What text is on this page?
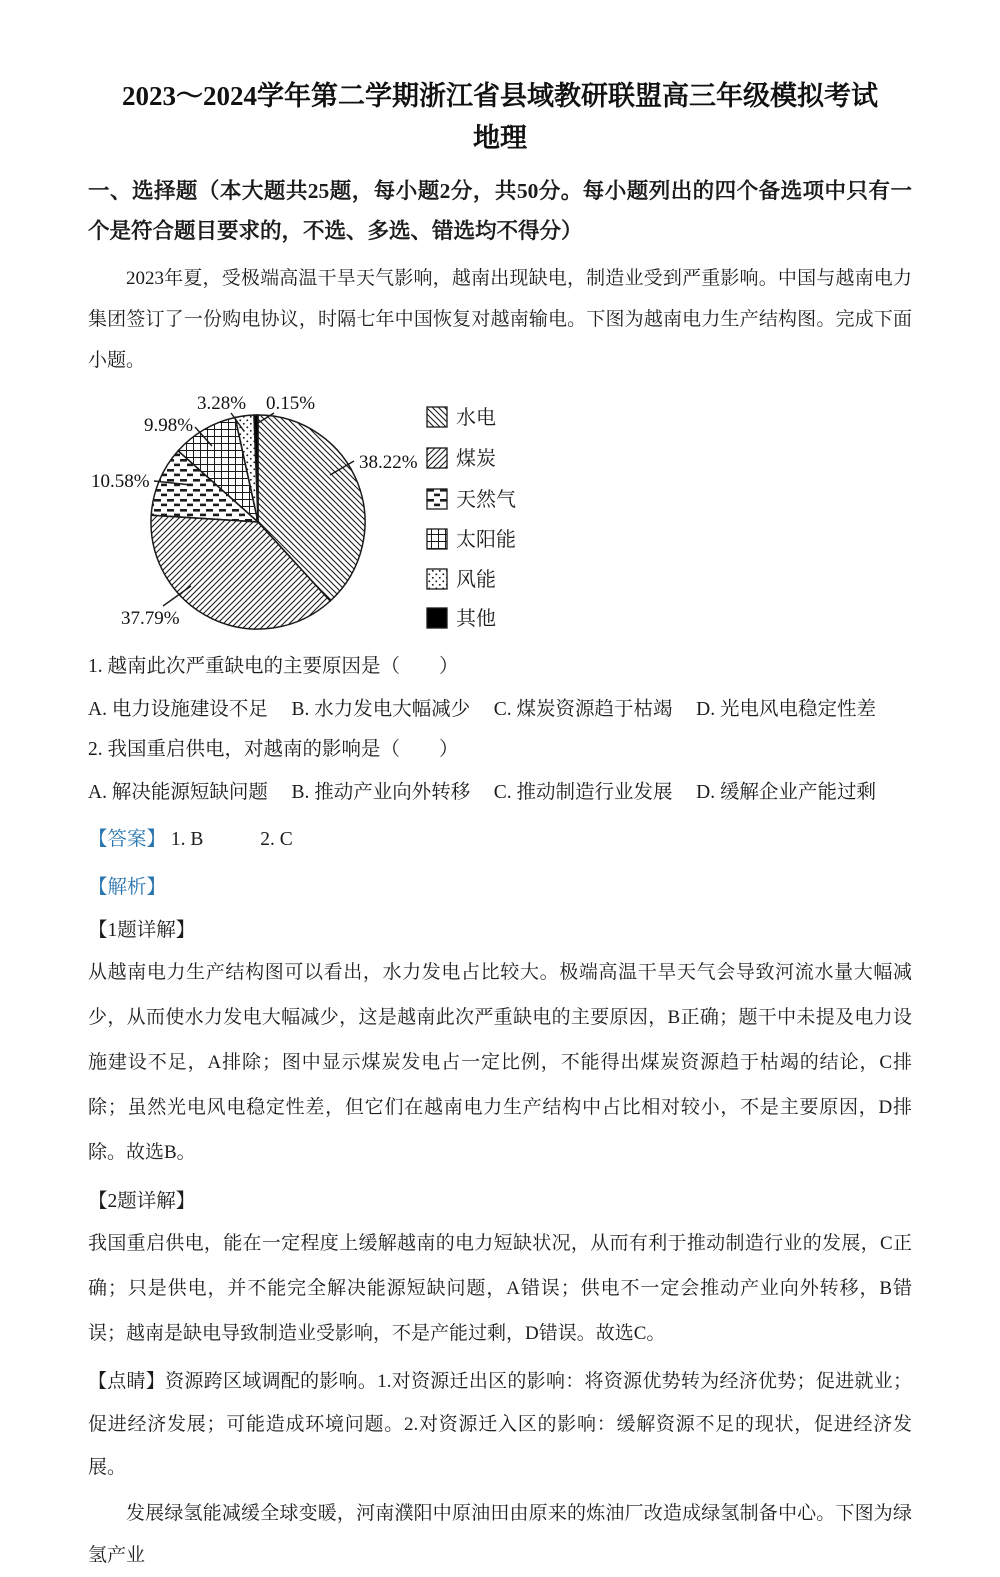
2023～2024学年第二学期浙江省县域教研联盟高三年级模拟考试
地理
一、选择题（本大题共25题，每小题2分，共50分。每小题列出的四个备选项中只有一个是符合题目要求的，不选、多选、错选均不得分）

2023年夏，受极端高温干旱天气影响，越南出现缺电，制造业受到严重影响。中国与越南电力集团签订了一份购电协议，时隔七年中国恢复对越南输电。下图为越南电力生产结构图。完成下面小题。

38.22%
37.79%
10.58%
9.98%
3.28% 0.15%
水电
煤炭
天然气
太阳能
风能
其他
1. 越南此次严重缺电的主要原因是（　　）
A. 电力设施建设不足 B. 水力发电大幅减少 C. 煤炭资源趋于枯竭 D. 光电风电稳定性差
2. 我国重启供电，对越南的影响是（　　）
A. 解决能源短缺问题 B. 推动产业向外转移 C. 推动制造行业发展 D. 缓解企业产能过剩
【答案】 1. B	2. C
【解析】
【1题详解】

从越南电力生产结构图可以看出，水力发电占比较大。极端高温干旱天气会导致河流水量大幅减少，从而使水力发电大幅减少，这是越南此次严重缺电的主要原因，B正确；题干中未提及电力设施建设不足，A排除；图中显示煤炭发电占一定比例，不能得出煤炭资源趋于枯竭的结论，C排除；虽然光电风电稳定性差，但它们在越南电力生产结构中占比相对较小，不是主要原因，D排除。故选B。

【2题详解】

我国重启供电，能在一定程度上缓解越南的电力短缺状况，从而有利于推动制造行业的发展，C正确；只是供电，并不能完全解决能源短缺问题，A错误；供电不一定会推动产业向外转移，B错误；越南是缺电导致制造业受影响，不是产能过剩，D错误。故选C。

【点睛】资源跨区域调配的影响。1.对资源迁出区的影响：将资源优势转为经济优势；促进就业；促进经济发展；可能造成环境问题。2.对资源迁入区的影响：缓解资源不足的现状，促进经济发展。

发展绿氢能减缓全球变暖，河南濮阳中原油田由原来的炼油厂改造成绿氢制备中心。下图为绿氢产业
